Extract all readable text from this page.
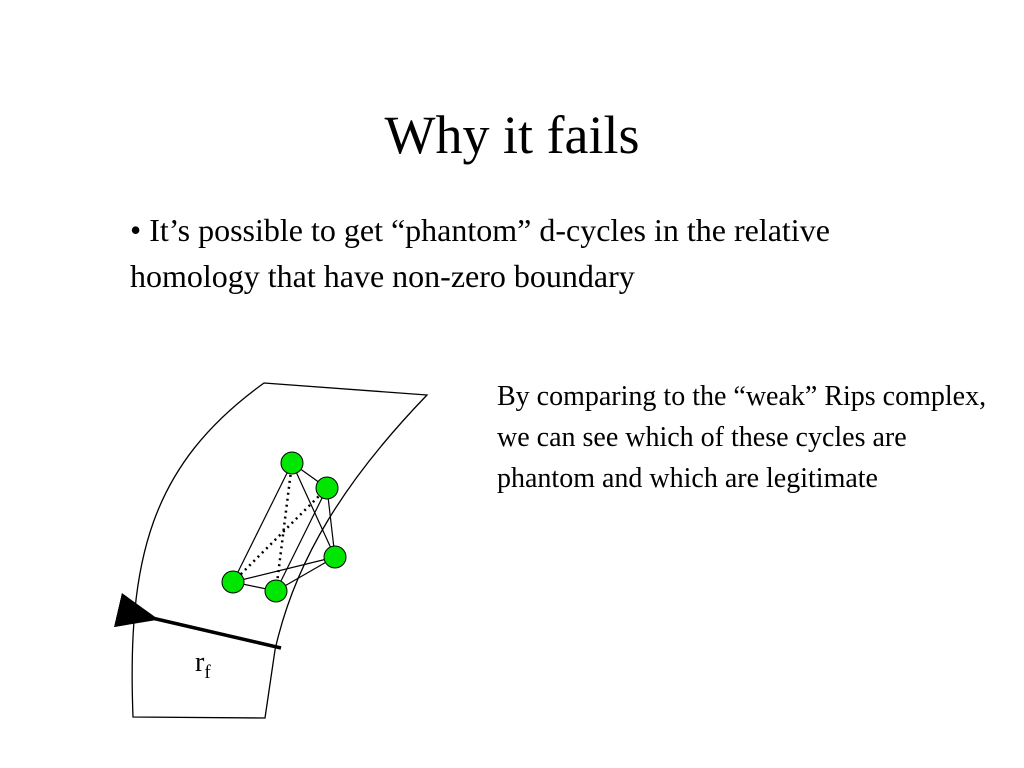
Why it fails
• It’s possible to get “phantom” d-cycles in the relative homology that have non-zero boundary
By comparing to the “weak” Rips complex, we can see which of these cycles are phantom and which are legitimate
$r_f$
